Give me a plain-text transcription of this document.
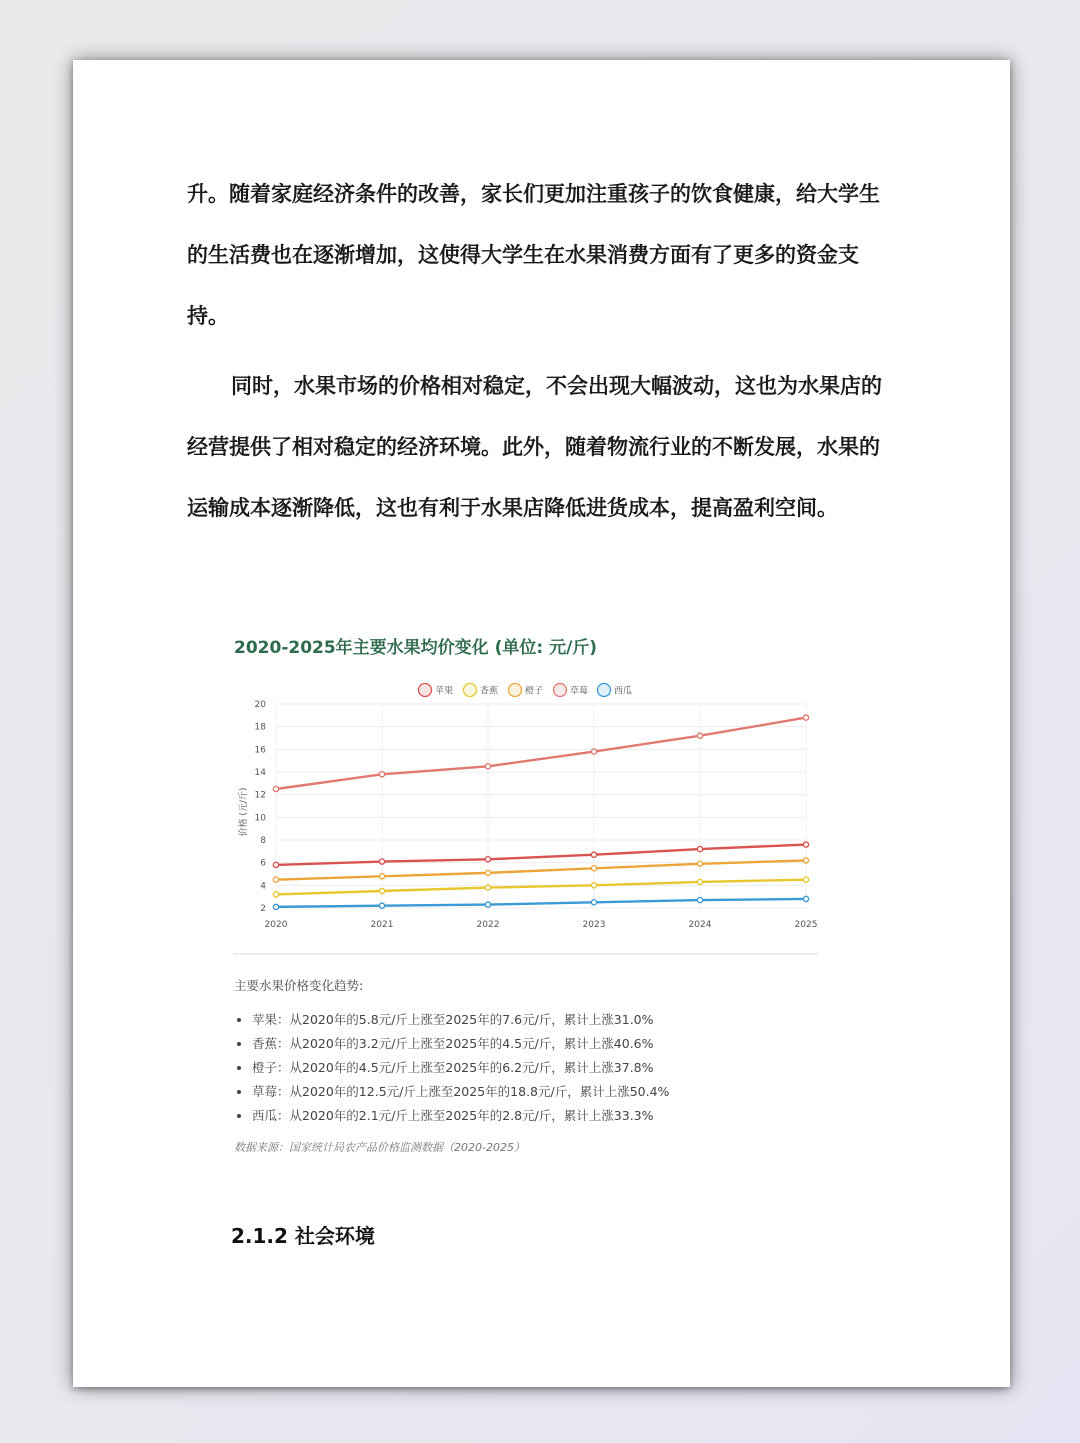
升。随着家庭经济条件的改善，家长们更加注重孩子的饮食健康，给大学生的生活费也在逐渐增加，这使得大学生在水果消费方面有了更多的资金支持。
同时，水果市场的价格相对稳定，不会出现大幅波动，这也为水果店的经营提供了相对稳定的经济环境。此外，随着物流行业的不断发展，水果的运输成本逐渐降低，这也有利于水果店降低进货成本，提高盈利空间。
2020-2025年主要水果均价变化 (单位: 元/斤)
苹果	香蕉	橙子	草莓	西瓜
2
4
6
8
10
12
14
16
18
20
2020	2021	2022	2023	2024	2025
价格 (元/斤)
主要水果价格变化趋势:
• 苹果：从2020年的5.8元/斤上涨至2025年的7.6元/斤，累计上涨31.0%
• 香蕉：从2020年的3.2元/斤上涨至2025年的4.5元/斤，累计上涨40.6%
• 橙子：从2020年的4.5元/斤上涨至2025年的6.2元/斤，累计上涨37.8%
• 草莓：从2020年的12.5元/斤上涨至2025年的18.8元/斤，累计上涨50.4%
• 西瓜：从2020年的2.1元/斤上涨至2025年的2.8元/斤，累计上涨33.3%
数据来源：国家统计局农产品价格监测数据（2020-2025）
2.1.2 社会环境
